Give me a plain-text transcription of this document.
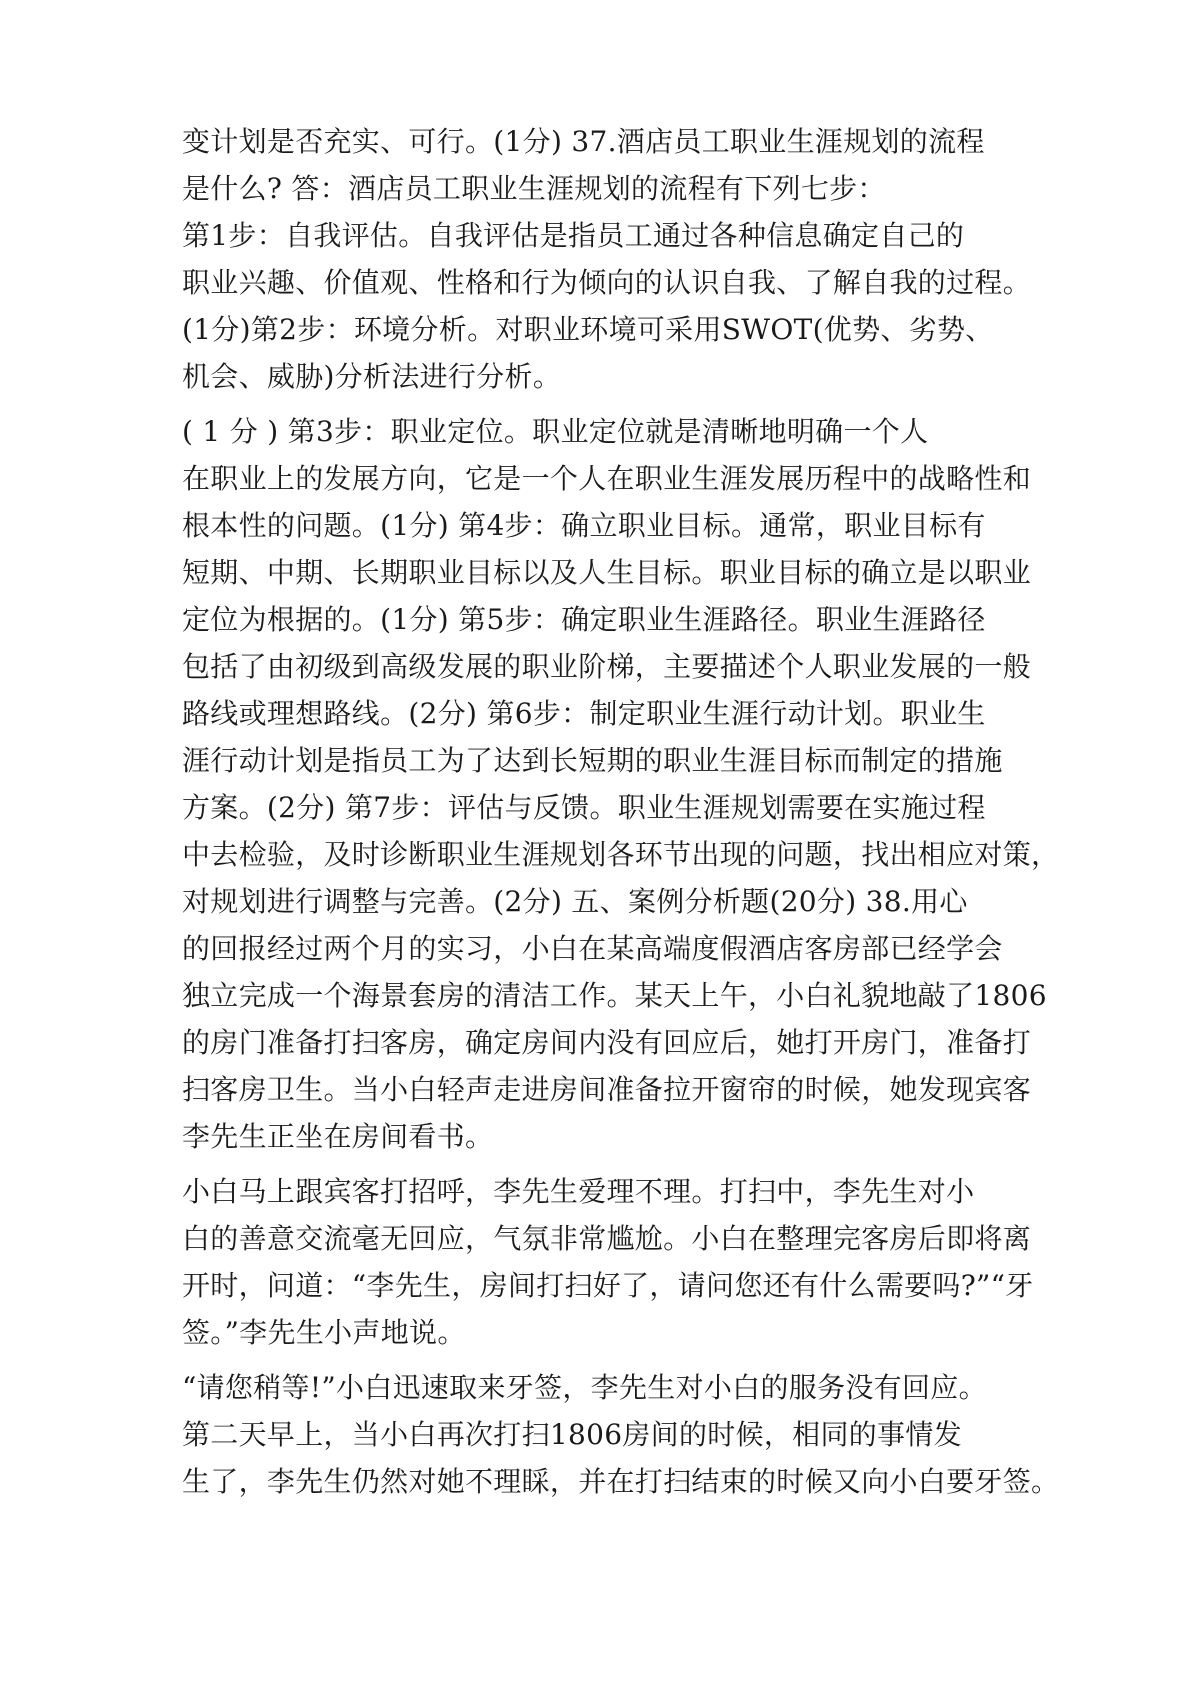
变计划是否充实、可行。(1分) 37.酒店员工职业生涯规划的流程
是什么? 答：酒店员工职业生涯规划的流程有下列七步：
第1步：自我评估。自我评估是指员工通过各种信息确定自己的
职业兴趣、价值观、性格和行为倾向的认识自我、了解自我的过程。
(1分)第2步：环境分析。对职业环境可采用SWOT(优势、劣势、
机会、威胁)分析法进行分析。
( 1 分 ) 第3步：职业定位。职业定位就是清晰地明确一个人
在职业上的发展方向，它是一个人在职业生涯发展历程中的战略性和
根本性的问题。(1分) 第4步：确立职业目标。通常，职业目标有
短期、中期、长期职业目标以及人生目标。职业目标的确立是以职业
定位为根据的。(1分) 第5步：确定职业生涯路径。职业生涯路径
包括了由初级到高级发展的职业阶梯，主要描述个人职业发展的一般
路线或理想路线。(2分) 第6步：制定职业生涯行动计划。职业生
涯行动计划是指员工为了达到长短期的职业生涯目标而制定的措施
方案。(2分) 第7步：评估与反馈。职业生涯规划需要在实施过程
中去检验，及时诊断职业生涯规划各环节出现的问题，找出相应对策，
对规划进行调整与完善。(2分) 五、案例分析题(20分) 38.用心
的回报经过两个月的实习，小白在某高端度假酒店客房部已经学会
独立完成一个海景套房的清洁工作。某天上午，小白礼貌地敲了1806
的房门准备打扫客房，确定房间内没有回应后，她打开房门，准备打
扫客房卫生。当小白轻声走进房间准备拉开窗帘的时候，她发现宾客
李先生正坐在房间看书。
小白马上跟宾客打招呼，李先生爱理不理。打扫中，李先生对小
白的善意交流毫无回应，气氛非常尴尬。小白在整理完客房后即将离
开时，问道：“李先生，房间打扫好了，请问您还有什么需要吗?”“牙
签。”李先生小声地说。
“请您稍等!”小白迅速取来牙签，李先生对小白的服务没有回应。
第二天早上，当小白再次打扫1806房间的时候，相同的事情发
生了，李先生仍然对她不理睬，并在打扫结束的时候又向小白要牙签。
